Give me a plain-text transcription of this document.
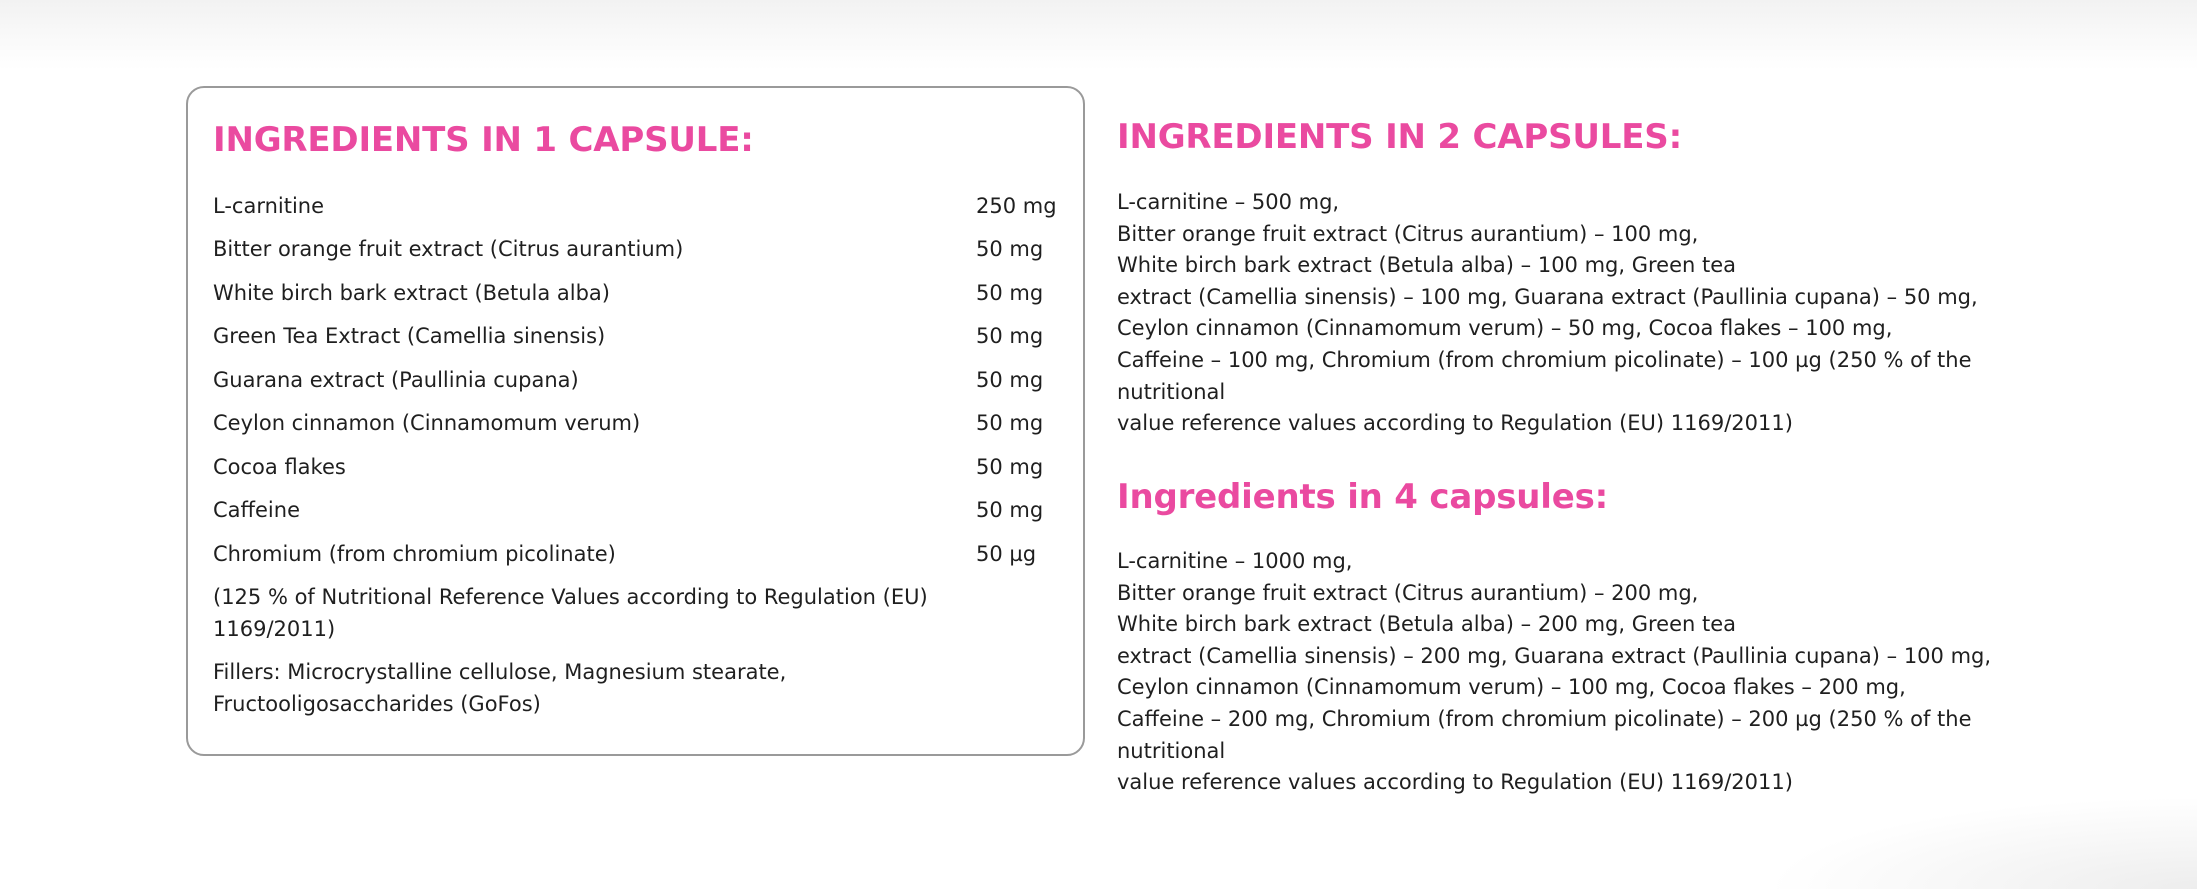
INGREDIENTS IN 1 CAPSULE:
L-carnitine	250 mg
Bitter orange fruit extract (Citrus aurantium)	50 mg
White birch bark extract (Betula alba)	50 mg
Green Tea Extract (Camellia sinensis)	50 mg
Guarana extract (Paullinia cupana)	50 mg
Ceylon cinnamon (Cinnamomum verum)	50 mg
Cocoa flakes	50 mg
Caffeine	50 mg
Chromium (from chromium picolinate)	50 µg
(125 % of Nutritional Reference Values according to Regulation (EU) 1169/2011)
Fillers: Microcrystalline cellulose, Magnesium stearate, Fructooligosaccharides (GoFos)
INGREDIENTS IN 2 CAPSULES:
L-carnitine – 500 mg,
Bitter orange fruit extract (Citrus aurantium) – 100 mg,
White birch bark extract (Betula alba) – 100 mg, Green tea
extract (Camellia sinensis) – 100 mg, Guarana extract (Paullinia cupana) – 50 mg,
Ceylon cinnamon (Cinnamomum verum) – 50 mg, Cocoa flakes – 100 mg,
Caffeine – 100 mg, Chromium (from chromium picolinate) – 100 µg (250 % of the
nutritional
value reference values according to Regulation (EU) 1169/2011)
Ingredients in 4 capsules:
L-carnitine – 1000 mg,
Bitter orange fruit extract (Citrus aurantium) – 200 mg,
White birch bark extract (Betula alba) – 200 mg, Green tea
extract (Camellia sinensis) – 200 mg, Guarana extract (Paullinia cupana) – 100 mg,
Ceylon cinnamon (Cinnamomum verum) – 100 mg, Cocoa flakes – 200 mg,
Caffeine – 200 mg, Chromium (from chromium picolinate) – 200 µg (250 % of the
nutritional
value reference values according to Regulation (EU) 1169/2011)
